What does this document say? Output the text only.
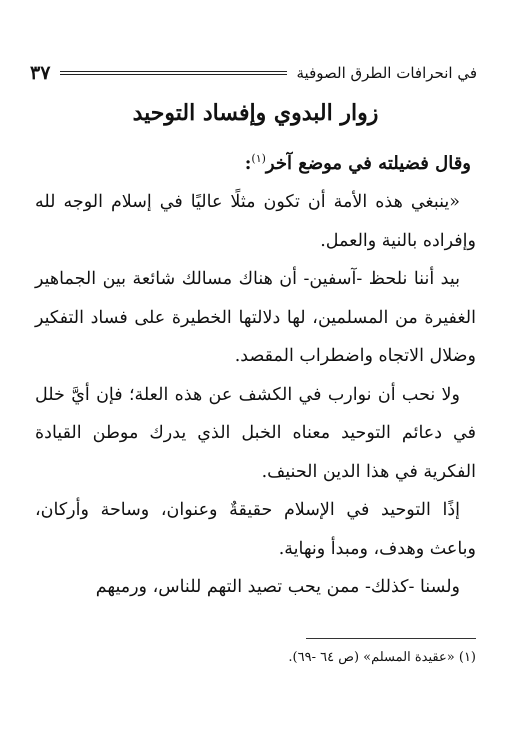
في انحرافات الطرق الصوفية
٣٧
زوار البدوي وإفساد التوحيد
وقال فضيلته في موضع آخر$^{(١)}$:

«ينبغي هذه الأمة أن تكون مثلًا عاليًا في إسلام الوجه لله وإفراده بالنية والعمل.

بيد أننا نلحظ -آسفين- أن هناك مسالك شائعة بين الجماهير الغفيرة من المسلمين، لها دلالتها الخطيرة على فساد التفكير وضلال الاتجاه واضطراب المقصد.

ولا نحب أن نوارب في الكشف عن هذه العلة؛ فإن أيَّ خلل في دعائم التوحيد معناه الخبل الذي يدرك موطن القيادة الفكرية في هذا الدين الحنيف.

إذًا التوحيد في الإسلام حقيقةٌ وعنوان، وساحة وأركان، وباعث وهدف، ومبدأ ونهاية.

ولسنا -كذلك- ممن يحب تصيد التهم للناس، ورميهم

(١) «عقيدة المسلم» (ص ٦٤ -٦٩).
